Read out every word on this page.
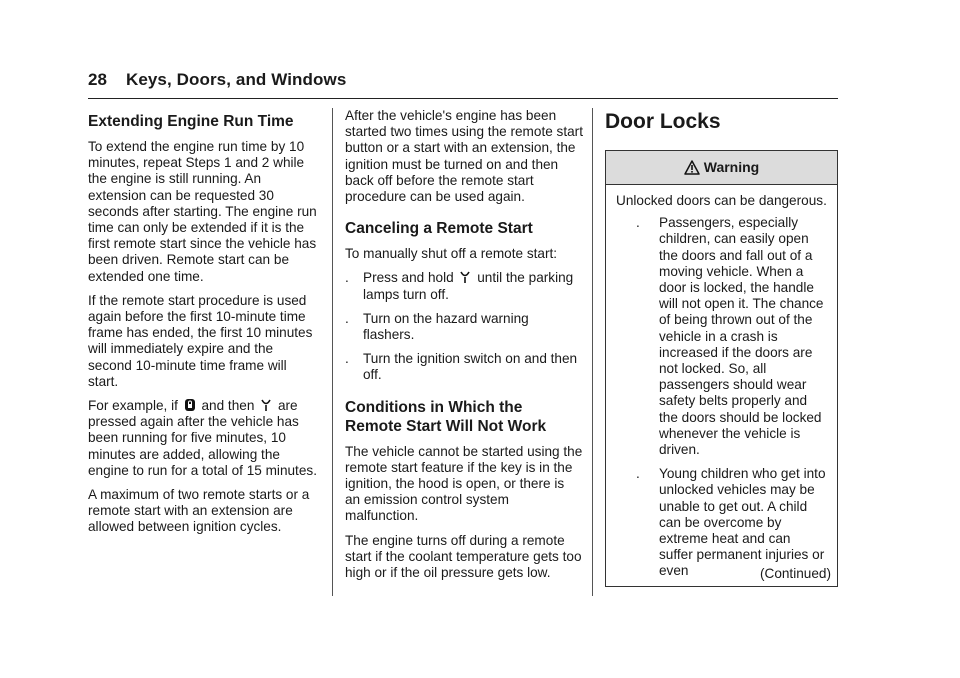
28 Keys, Doors, and Windows
Extending Engine Run Time

To extend the engine run time by 10 minutes, repeat Steps 1 and 2 while the engine is still running. An extension can be requested 30 seconds after starting. The engine run time can only be extended if it is the first remote start since the vehicle has been driven. Remote start can be extended one time.

If the remote start procedure is used again before the first 10-minute time frame has ended, the first 10 minutes will immediately expire and the second 10-minute time frame will start.

For example, if and then are pressed again after the vehicle has been running for five minutes, 10 minutes are added, allowing the engine to run for a total of 15 minutes.

A maximum of two remote starts or a remote start with an extension are allowed between ignition cycles.

After the vehicle's engine has been started two times using the remote start button or a start with an extension, the ignition must be turned on and then back off before the remote start procedure can be used again.

Canceling a Remote Start

To manually shut off a remote start:

.	Press and hold until the parking lamps turn off.
.	Turn on the hazard warning flashers.
.	Turn the ignition switch on and then off.
Conditions in Which the Remote Start Will Not Work

The vehicle cannot be started using the remote start feature if the key is in the ignition, the hood is open, or there is an emission control system malfunction.

The engine turns off during a remote start if the coolant temperature gets too high or if the oil pressure gets low.

Door Locks
Warning

Unlocked doors can be dangerous.

.	Passengers, especially children, can easily open the doors and fall out of a moving vehicle. When a door is locked, the handle will not open it. The chance of being thrown out of the vehicle in a crash is increased if the doors are not locked. So, all passengers should wear safety belts properly and the doors should be locked whenever the vehicle is driven.
.	Young children who get into unlocked vehicles may be unable to get out. A child can be overcome by extreme heat and can suffer permanent injuries or even	(Continued)
